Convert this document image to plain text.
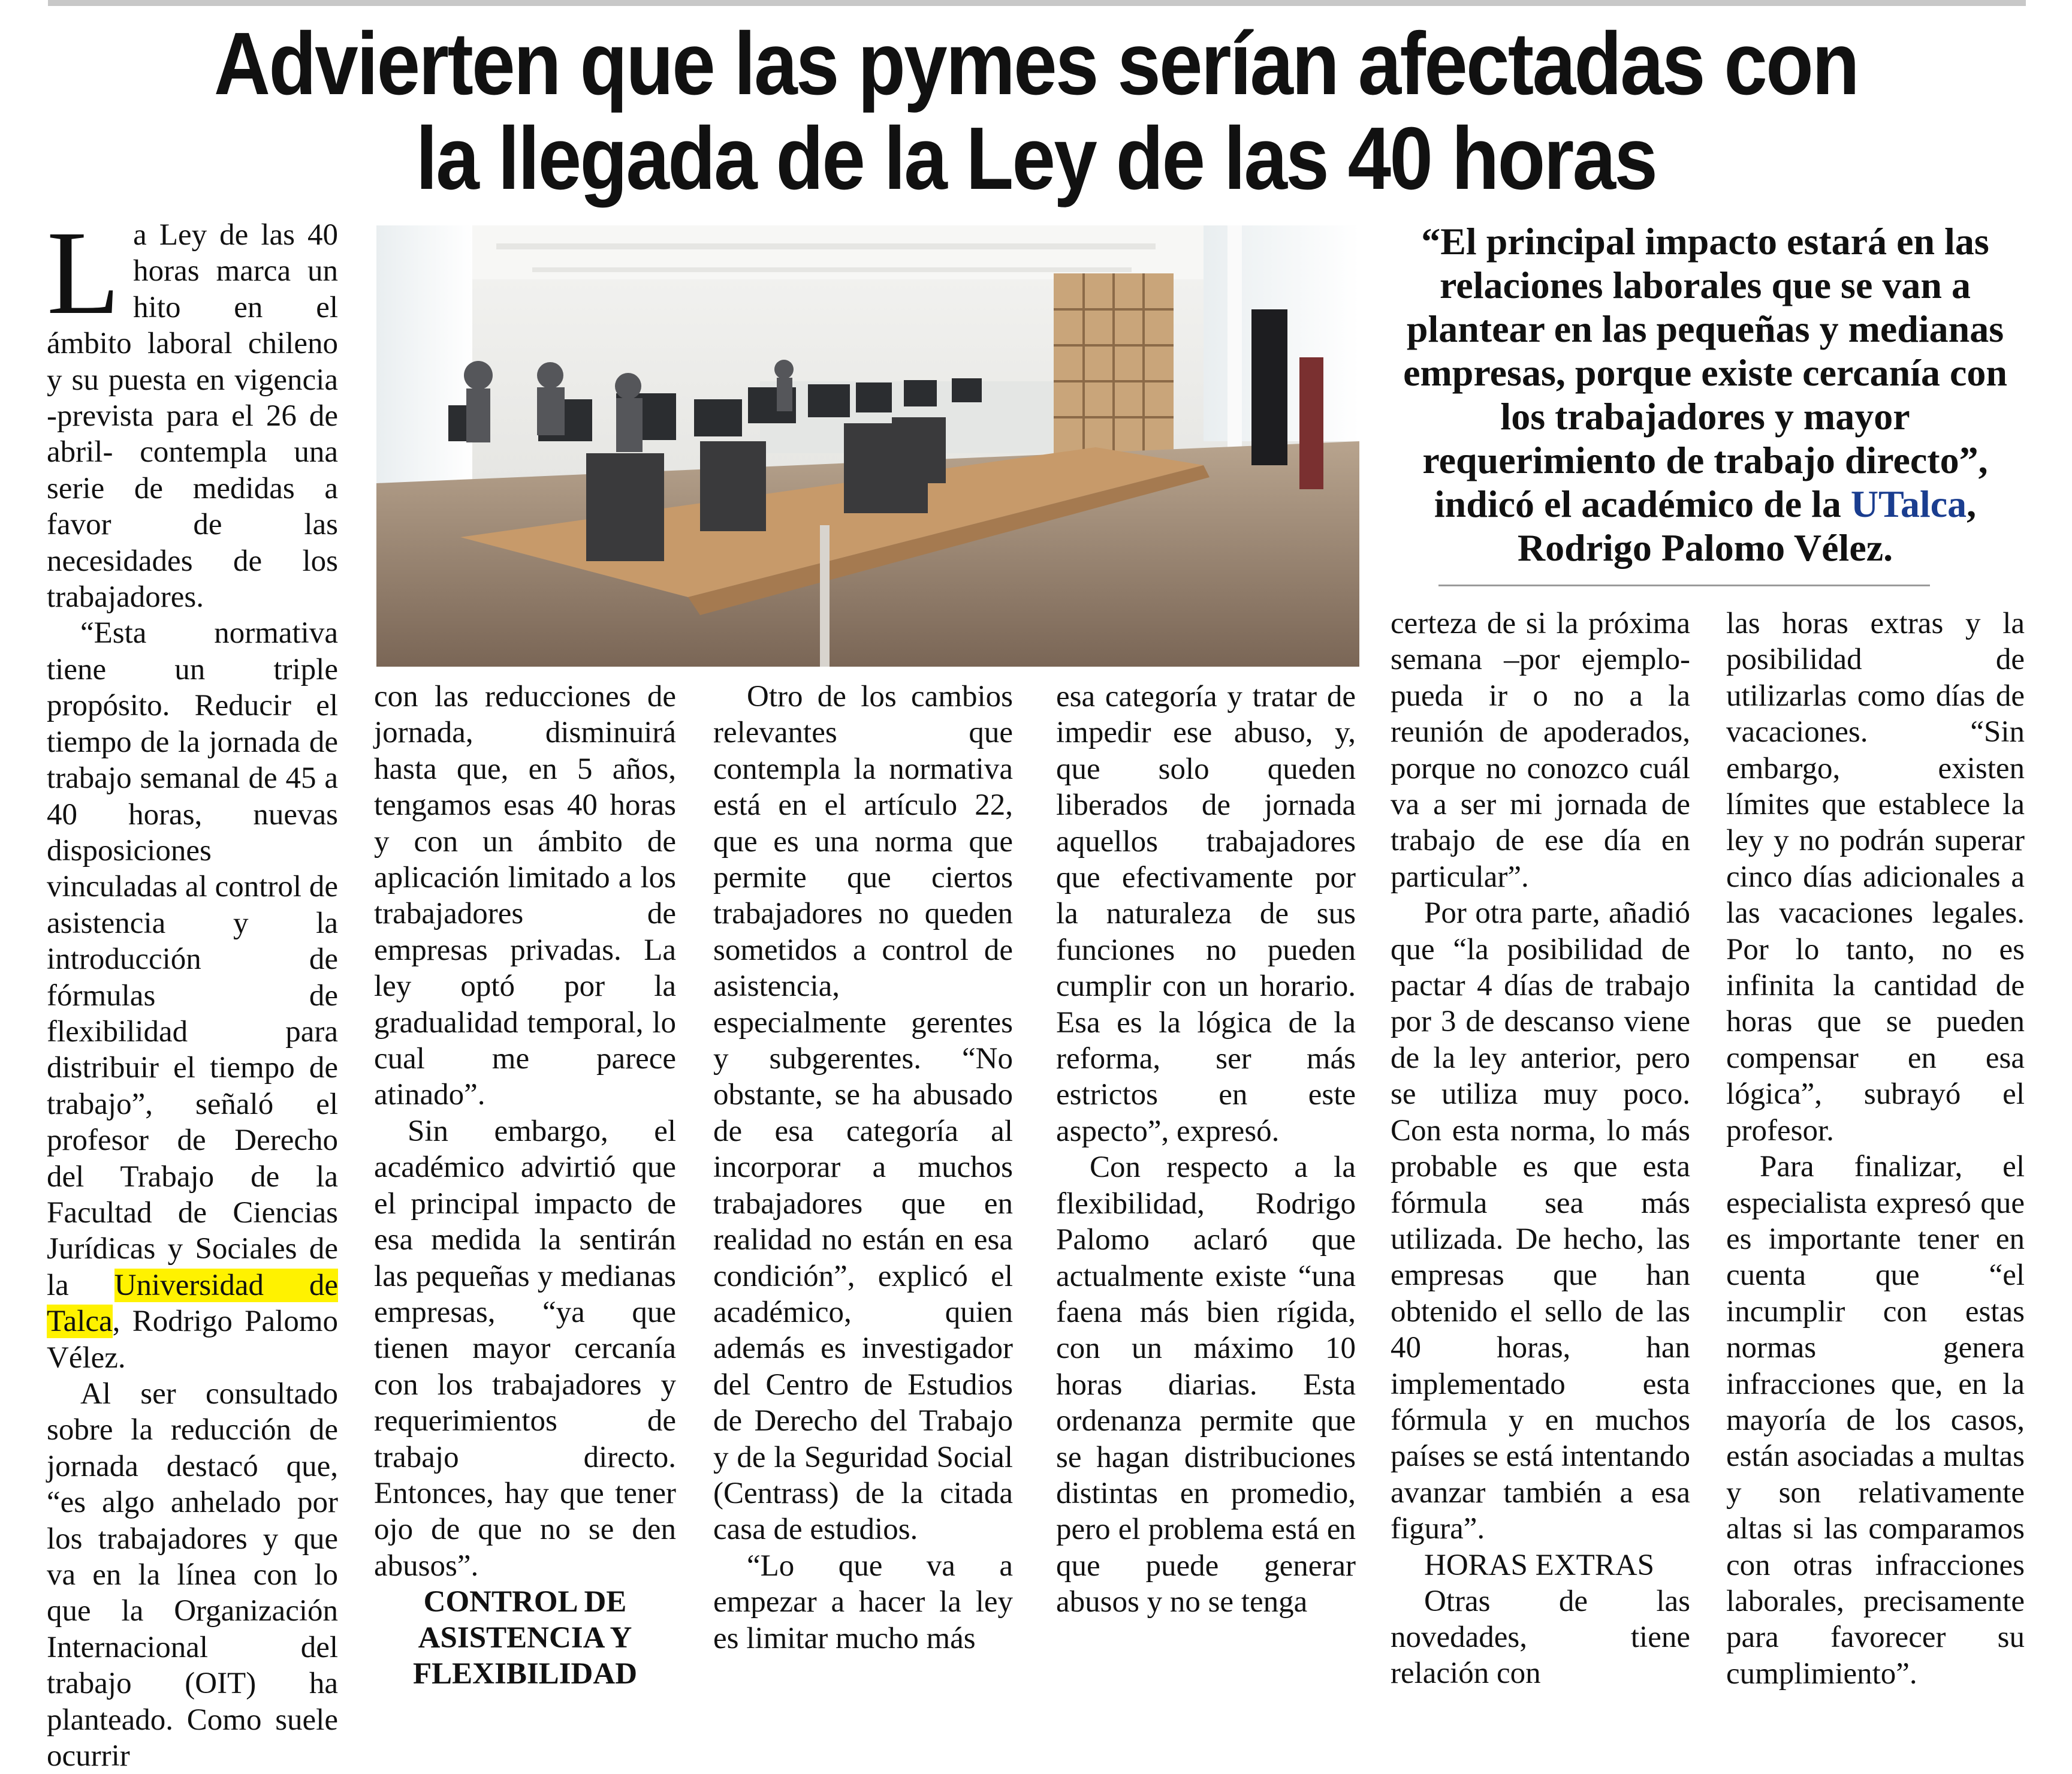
Advierten que las pymes serían afectadas con
la llegada de la Ley de las 40 horas

La Ley de las 40 horas marca un hito en el ámbito laboral chileno y su puesta en vigencia -prevista para el 26 de abril- contempla una serie de medidas a favor de las necesidades de los trabajadores.

“Esta normativa tiene un triple propósito. Reducir el tiempo de la jornada de trabajo semanal de 45 a 40 horas, nuevas disposiciones vinculadas al control de asistencia y la introducción de fórmulas de flexibilidad para distribuir el tiempo de trabajo”, señaló el profesor de Derecho del Trabajo de la Facultad de Ciencias Jurídicas y Sociales de la Universidad de Talca, Rodrigo Palomo Vélez.

Al ser consultado sobre la reducción de jornada destacó que, “es algo anhelado por los trabajadores y que va en la línea con lo que la Organización Internacional del trabajo (OIT) ha planteado. Como suele ocurrir

“El principal impacto estará en las relaciones laborales que se van a plantear en las pequeñas y medianas empresas, porque existe cercanía con los trabajadores y mayor requerimiento de trabajo directo”, indicó el académico de la UTalca, Rodrigo Palomo Vélez.

con las reducciones de jornada, disminuirá hasta que, en 5 años, tengamos esas 40 horas y con un ámbito de aplicación limitado a los trabajadores de empresas privadas. La ley optó por la gradualidad temporal, lo cual me parece atinado”.

Sin embargo, el académico advirtió que el principal impacto de esa medida la sentirán las pequeñas y medianas empresas, “ya que tienen mayor cercanía con los trabajadores y requerimientos de trabajo directo. Entonces, hay que tener ojo de que no se den abusos”.

CONTROL DE ASISTENCIA Y FLEXIBILIDAD

Otro de los cambios relevantes que contempla la normativa está en el artículo 22, que es una norma que permite que ciertos trabajadores no queden sometidos a control de asistencia, especialmente gerentes y subgerentes. “No obstante, se ha abusado de esa categoría al incorporar a muchos trabajadores que en realidad no están en esa condición”, explicó el académico, quien además es investigador del Centro de Estudios de Derecho del Trabajo y de la Seguridad Social (Centrass) de la citada casa de estudios.

“Lo que va a empezar a hacer la ley es limitar mucho más

esa categoría y tratar de impedir ese abuso, y, que solo queden liberados de jornada aquellos trabajadores que efectivamente por la naturaleza de sus funciones no pueden cumplir con un horario. Esa es la lógica de la reforma, ser más estrictos en este aspecto”, expresó.

Con respecto a la flexibilidad, Rodrigo Palomo aclaró que actualmente existe “una faena más bien rígida, con un máximo 10 horas diarias. Esta ordenanza permite que se hagan distribuciones distintas en promedio, pero el problema está en que puede generar abusos y no se tenga

certeza de si la próxima semana –por ejemplo- pueda ir o no a la reunión de apoderados, porque no conozco cuál va a ser mi jornada de trabajo de ese día en particular”.

Por otra parte, añadió que “la posibilidad de pactar 4 días de trabajo por 3 de descanso viene de la ley anterior, pero se utiliza muy poco. Con esta norma, lo más probable es que esta fórmula sea más utilizada. De hecho, las empresas que han obtenido el sello de las 40 horas, han implementado esta fórmula y en muchos países se está intentando avanzar también a esa figura”.

HORAS EXTRAS

Otras de las novedades, tiene relación con

las horas extras y la posibilidad de utilizarlas como días de vacaciones. “Sin embargo, existen límites que establece la ley y no podrán superar cinco días adicionales a las vacaciones legales. Por lo tanto, no es infinita la cantidad de horas que se pueden compensar en esa lógica”, subrayó el profesor.

Para finalizar, el especialista expresó que es importante tener en cuenta que “el incumplir con estas normas genera infracciones que, en la mayoría de los casos, están asociadas a multas y son relativamente altas si las comparamos con otras infracciones laborales, precisamente para favorecer su cumplimiento”.
